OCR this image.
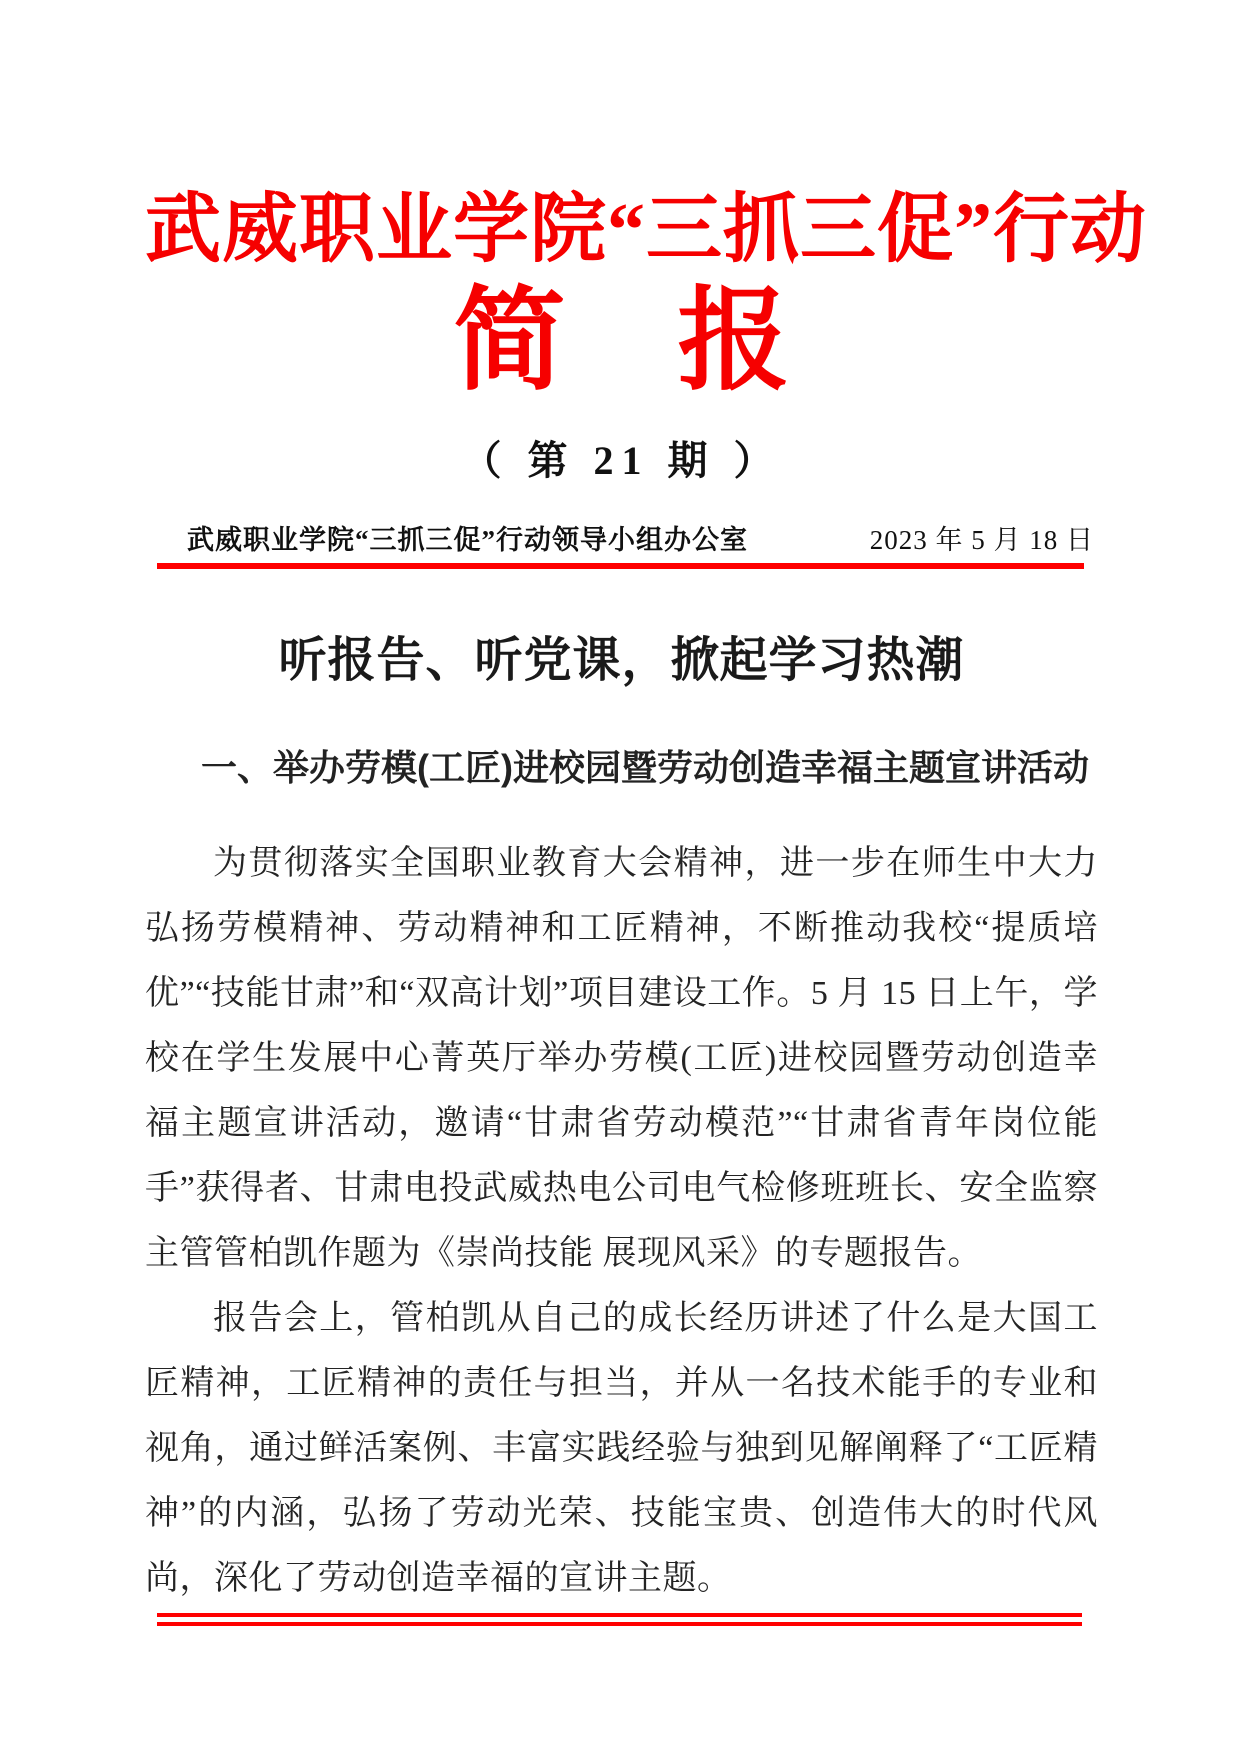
武威职业学院“三抓三促”行动
简　报
（ 第 21 期 ）
武威职业学院“三抓三促”行动领导小组办公室	2023 年 5 月 18 日
听报告、听党课，掀起学习热潮
一、举办劳模(工匠)进校园暨劳动创造幸福主题宣讲活动

为贯彻落实全国职业教育大会精神，进一步在师生中大力弘扬劳模精神、劳动精神和工匠精神，不断推动我校“提质培优”“技能甘肃”和“双高计划”项目建设工作。5 月 15 日上午，学校在学生发展中心菁英厅举办劳模(工匠)进校园暨劳动创造幸福主题宣讲活动，邀请“甘肃省劳动模范”“甘肃省青年岗位能手”获得者、甘肃电投武威热电公司电气检修班班长、安全监察主管管柏凯作题为《崇尚技能 展现风采》的专题报告。

报告会上，管柏凯从自己的成长经历讲述了什么是大国工匠精神，工匠精神的责任与担当，并从一名技术能手的专业和视角，通过鲜活案例、丰富实践经验与独到见解阐释了“工匠精神”的内涵，弘扬了劳动光荣、技能宝贵、创造伟大的时代风尚，深化了劳动创造幸福的宣讲主题。
